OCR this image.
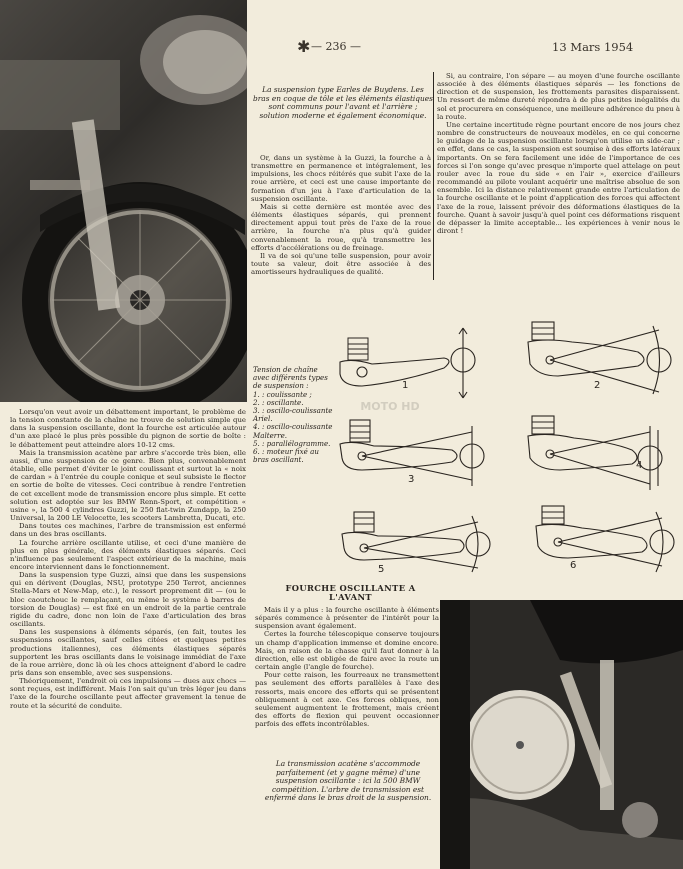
✱ — 236 —	13 Mars 1954
La suspension type Earles de Buydens. Les bras en coque de tôle et les éléments élastiques sont communs pour l'avant et l'arrière ; solution moderne et également économique.

Or, dans un système à la Guzzi, la fourche a à transmettre en permanence et intégralement, les impulsions, les chocs réitérés que subit l'axe de la roue arrière, et ceci est une cause importante de formation d'un jeu à l'axe d'articulation de la suspension oscillante.

Mais si cette dernière est montée avec des éléments élastiques séparés, qui prennent directement appui tout près de l'axe de la roue arrière, la fourche n'a plus qu'à guider convenablement la roue, qu'à transmettre les efforts d'accélérations ou de freinage.

Il va de soi qu'une telle suspension, pour avoir toute sa valeur, doit être associée à des amortisseurs hydrauliques de qualité.

Si, au contraire, l'on sépare — au moyen d'une fourche oscillante associée à des éléments élastiques séparés — les fonctions de direction et de suspension, les frottements parasites disparaissent. Un ressort de même dureté répondra à de plus petites inégalités du sol et procurera en conséquence, une meilleure adhérence du pneu à la route.

Une certaine incertitude règne pourtant encore de nos jours chez nombre de constructeurs de nouveaux modèles, en ce qui concerne le guidage de la suspension oscillante lorsqu'on utilise un side-car ; en effet, dans ce cas, la suspension est soumise à des efforts latéraux importants. On se fera facilement une idée de l'importance de ces forces si l'on songe qu'avec presque n'importe quel attelage on peut rouler avec la roue du side « en l'air », exercice d'ailleurs recommandé au pilote voulant acquérir une maîtrise absolue de son ensemble. Ici la distance relativement grande entre l'articulation de la fourche oscillante et le point d'application des forces qui affectent l'axe de la roue, laissent prévoir des déformations élastiques de la fourche. Quant à savoir jusqu'à quel point ces déformations risquent de dépasser la limite acceptable... les expériences à venir nous le diront !

1	2
3
4
5	6
MOTO HD
Tension de chaîne avec différents types de suspension :
1. : coulissante ;
2. : oscillante.
3. : oscillo-coulissante Ariel.
4. : oscillo-coulissante Malterre.
5. : parallélogramme.
6. : moteur fixé au bras oscillant.

Lorsqu'on veut avoir un débattement important, le problème de la tension constante de la chaîne ne trouve de solution simple que dans la suspension oscillante, dont la fourche est articulée autour d'un axe placé le plus près possible du pignon de sortie de boîte : le débattement peut atteindre alors 10-12 cms.

Mais la transmission acatène par arbre s'accorde très bien, elle aussi, d'une suspension de ce genre. Bien plus, convenablement établie, elle permet d'éviter le joint coulissant et surtout la « noix de cardan » à l'entrée du couple conique et seul subsiste le flector en sortie de boîte de vitesses. Ceci contribue à rendre l'entretien de cet excellent mode de transmission encore plus simple. Et cette solution est adoptée sur les BMW Renn-Sport, et compétition « usine », la 500 4 cylindres Guzzi, le 250 flat-twin Zundapp, la 250 Universal, la 200 LE Velocette, les scooters Lambretta, Ducati, etc.

Dans toutes ces machines, l'arbre de transmission est enfermé dans un des bras oscillants.

La fourche arrière oscillante utilise, et ceci d'une manière de plus en plus générale, des éléments élastiques séparés. Ceci n'influence pas seulement l'aspect extérieur de la machine, mais encore interviennent dans le fonctionnement.

Dans la suspension type Guzzi, ainsi que dans les suspensions qui en dérivent (Douglas, NSU, prototype 250 Terrot, anciennes Stella-Mars et New-Map, etc.), le ressort proprement dit — (ou le bloc caoutchouc le remplaçant, ou même le système à barres de torsion de Douglas) — est fixé en un endroit de la partie centrale rigide du cadre, donc non loin de l'axe d'articulation des bras oscillants.

Dans les suspensions à éléments séparés, (en fait, toutes les suspensions oscillantes, sauf celles citées et quelques petites productions italiennes), ces éléments élastiques séparés supportent les bras oscillants dans le voisinage immédiat de l'axe de la roue arrière, donc là où les chocs atteignent d'abord le cadre pris dans son ensemble, avec ses suspensions.

Théoriquement, l'endroit où ces impulsions — dues aux chocs — sont reçues, est indifférent. Mais l'on sait qu'un très léger jeu dans l'axe de la fourche oscillante peut affecter gravement la tenue de route et la sécurité de conduite.

FOURCHE OSCILLANTE A L'AVANT

Mais il y a plus : la fourche oscillante à éléments séparés commence à présenter de l'intérêt pour la suspension avant également.

Certes la fourche télescopique conserve toujours un champ d'application immense et domine encore. Mais, en raison de la chasse qu'il faut donner à la direction, elle est obligée de faire avec la route un certain angle (l'angle de fourche).

Pour cette raison, les fourreaux ne transmettent pas seulement des efforts parallèles à l'axe des ressorts, mais encore des efforts qui se présentent obliquement à cet axe. Ces forces obliques, non seulement augmentent le frottement, mais créent des efforts de flexion qui peuvent occasionner parfois des effets incontrôlables.

La transmission acatène s'accommode parfaitement (et y gagne même) d'une suspension oscillante : ici la 500 BMW compétition. L'arbre de transmission est enfermé dans le bras droit de la suspension.
